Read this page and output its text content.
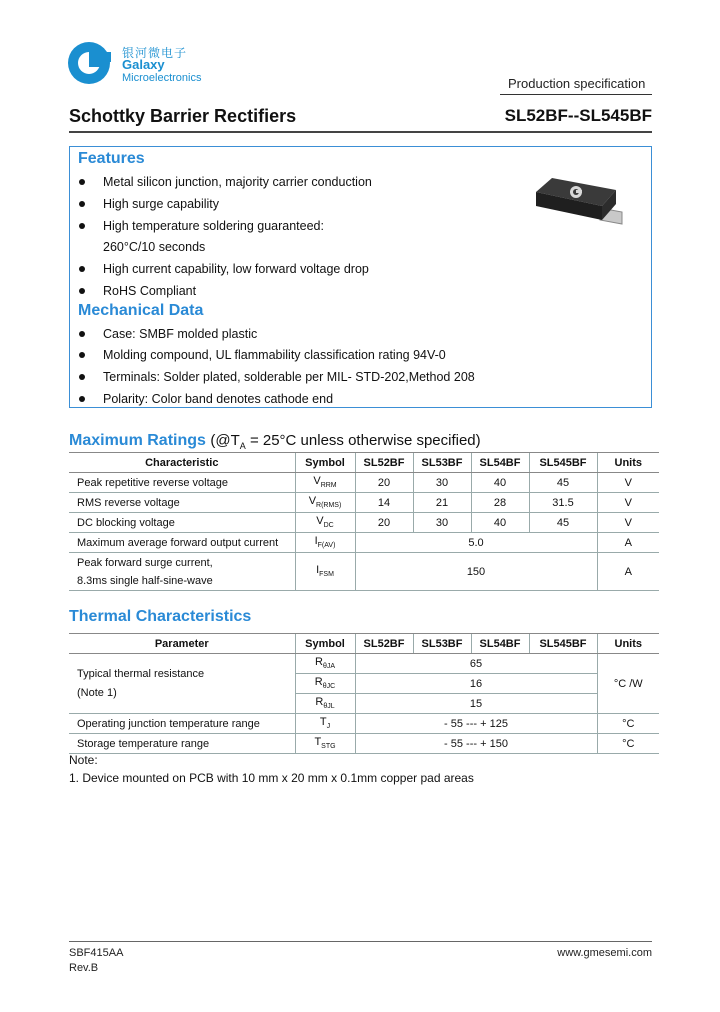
银河微电子
Galaxy
Microelectronics	Production specification
Schottky Barrier Rectifiers	SL52BF--SL545BF
Features
Metal silicon junction, majority carrier conduction
High surge capability
High temperature soldering guaranteed:
260°C/10 seconds
High current capability, low forward voltage drop
RoHS Compliant
Mechanical Data
Case: SMBF molded plastic
Molding compound, UL flammability classification rating 94V-0
Terminals: Solder plated, solderable per MIL- STD-202,Method 208
Polarity: Color band denotes cathode end
Maximum Ratings ($@T_A = 25^\circ C$ unless otherwise specified)
Characteristic	Symbol	SL52BF	SL53BF	SL54BF	SL545BF	Units
Peak repetitive reverse voltage	$V_{RRM}$	20	30	40	45	V
RMS reverse voltage	$V_{R(RMS)}$	14	21	28	31.5	V
DC blocking voltage	$V_{DC}$	20	30	40	45	V
Maximum average forward output current	$I_{F(AV)}$	5.0				A

Peak forward surge current,
8.3ms single half-sine-wave	$I_{FSM}$	150				A
Thermal Characteristics
Parameter	Symbol	SL52BF	SL53BF	SL54BF	SL545BF	Units

Typical thermal resistance
(Note 1)	$R_{\theta JA}$	65				°C /W
	$R_{\theta JC}$	16				
	$R_{\theta JL}$	15				
Operating junction temperature range	$T_J$	- 55 --- + 125				°C
Storage temperature range	$T_{STG}$	- 55 --- + 150				°C
Note:
1. Device mounted on PCB with 10 mm x 20 mm x 0.1mm copper pad areas
SBF415AA
Rev.B
www.gmesemi.com
